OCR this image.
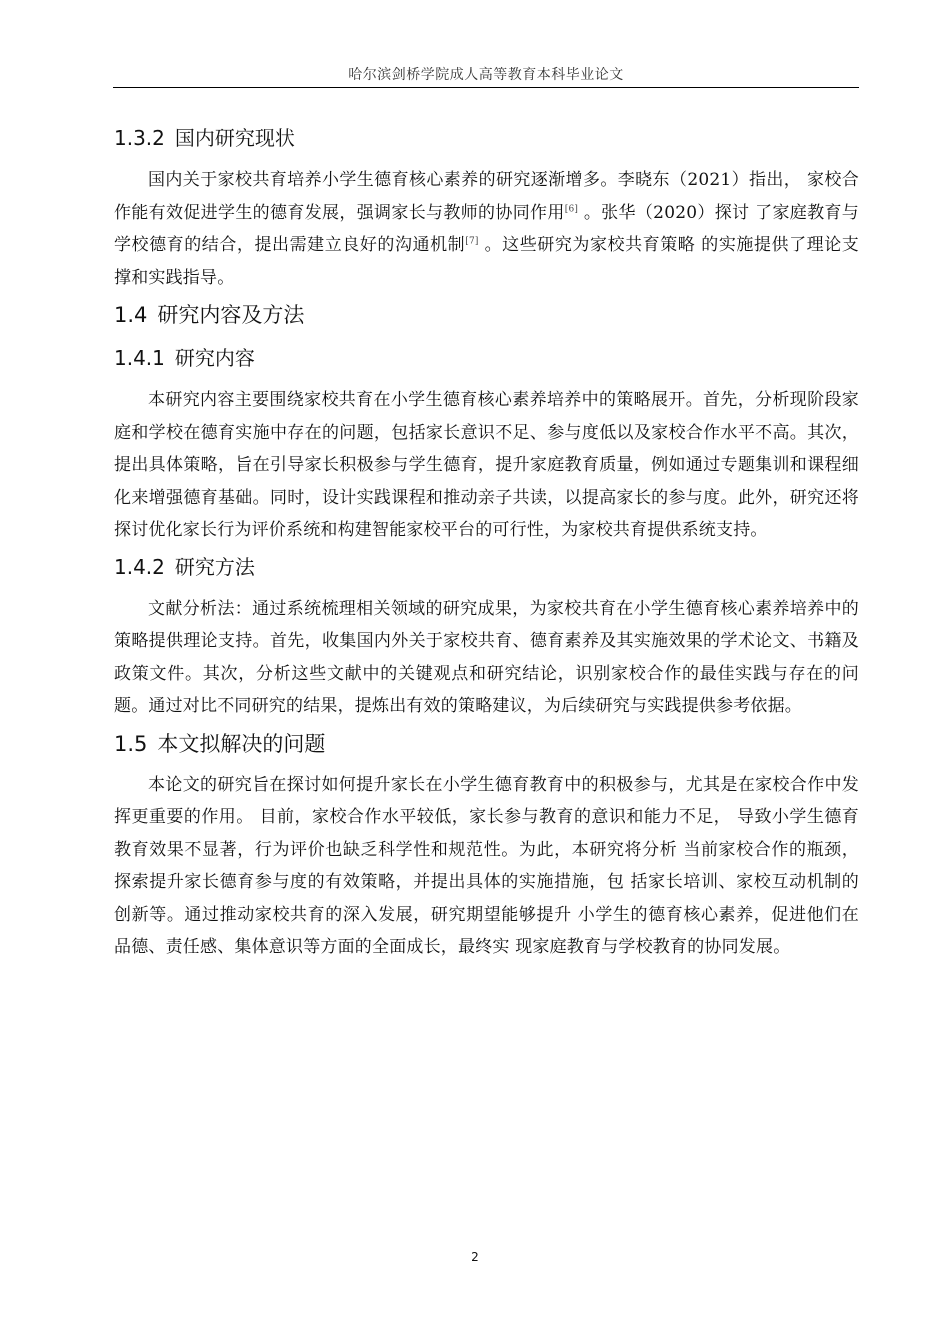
哈尔滨剑桥学院成人高等教育本科毕业论文
1.3.2 国内研究现状

国内关于家校共育培养小学生德育核心素养的研究逐渐增多。李晓东（2021）指出， 家校合作能有效促进学生的德育发展，强调家长与教师的协同作用[6] 。张华（2020）探讨 了家庭教育与学校德育的结合，提出需建立良好的沟通机制[7] 。这些研究为家校共育策略 的实施提供了理论支撑和实践指导。

1.4 研究内容及方法
1.4.1 研究内容

本研究内容主要围绕家校共育在小学生德育核心素养培养中的策略展开。首先，分析现阶段家庭和学校在德育实施中存在的问题，包括家长意识不足、参与度低以及家校合作水平不高。其次，提出具体策略，旨在引导家长积极参与学生德育，提升家庭教育质量，例如通过专题集训和课程细化来增强德育基础。同时，设计实践课程和推动亲子共读，以提高家长的参与度。此外，研究还将探讨优化家长行为评价系统和构建智能家校平台的可行性，为家校共育提供系统支持。

1.4.2 研究方法

文献分析法：通过系统梳理相关领域的研究成果，为家校共育在小学生德育核心素养培养中的策略提供理论支持。首先，收集国内外关于家校共育、德育素养及其实施效果的学术论文、书籍及政策文件。其次，分析这些文献中的关键观点和研究结论，识别家校合作的最佳实践与存在的问题。通过对比不同研究的结果，提炼出有效的策略建议，为后续研究与实践提供参考依据。

1.5 本文拟解决的问题

本论文的研究旨在探讨如何提升家长在小学生德育教育中的积极参与，尤其是在家校合作中发挥更重要的作用。 目前，家校合作水平较低，家长参与教育的意识和能力不足， 导致小学生德育教育效果不显著，行为评价也缺乏科学性和规范性。为此，本研究将分析 当前家校合作的瓶颈，探索提升家长德育参与度的有效策略，并提出具体的实施措施，包 括家长培训、家校互动机制的创新等。通过推动家校共育的深入发展，研究期望能够提升 小学生的德育核心素养，促进他们在品德、责任感、集体意识等方面的全面成长，最终实 现家庭教育与学校教育的协同发展。

2
